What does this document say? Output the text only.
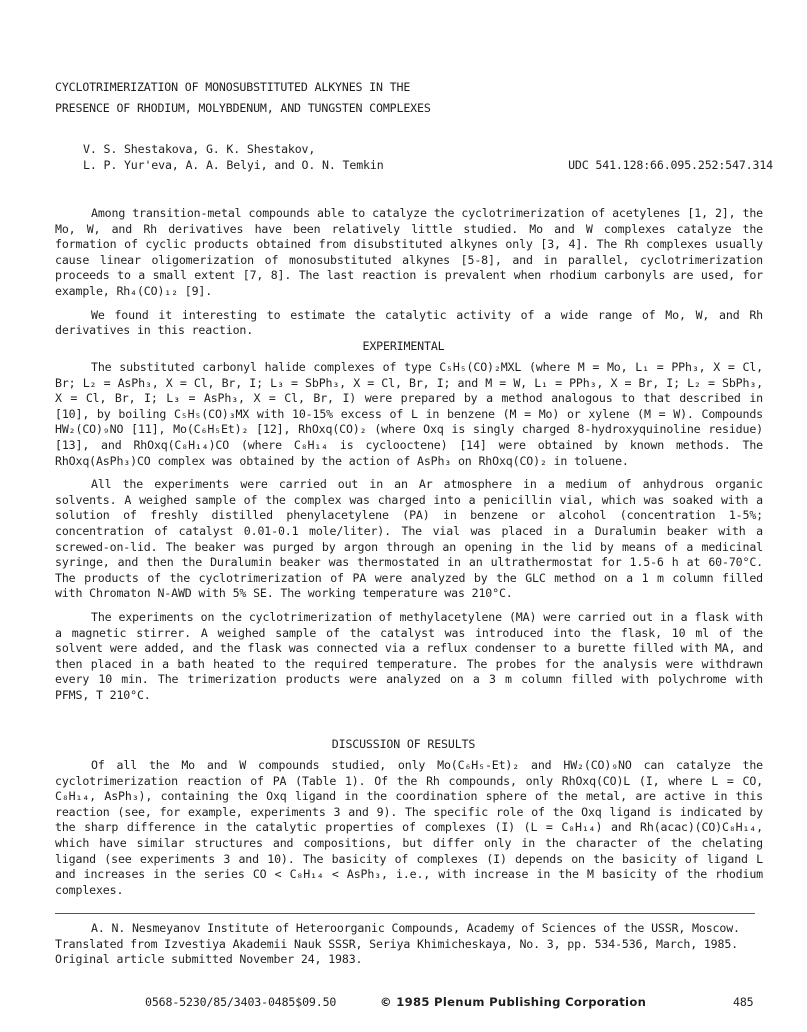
CYCLOTRIMERIZATION OF MONOSUBSTITUTED ALKYNES IN THE
PRESENCE OF RHODIUM, MOLYBDENUM, AND TUNGSTEN COMPLEXES
V. S. Shestakova, G. K. Shestakov,
L. P. Yur'eva, A. A. Belyi, and O. N. Temkin	UDC 541.128:66.095.252:547.314

Among transition-metal compounds able to catalyze the cyclotrimerization of acetylenes [1, 2], the Mo, W, and Rh derivatives have been relatively little studied. Mo and W complexes catalyze the formation of cyclic products obtained from disubstituted alkynes only [3, 4]. The Rh complexes usually cause linear oligomerization of monosubstituted alkynes [5-8], and in parallel, cyclotrimerization proceeds to a small extent [7, 8]. The last reaction is prevalent when rhodium carbonyls are used, for example, Rh₄(CO)₁₂ [9].

We found it interesting to estimate the catalytic activity of a wide range of Mo, W, and Rh derivatives in this reaction.

EXPERIMENTAL

The substituted carbonyl halide complexes of type C₅H₅(CO)₂MXL (where M = Mo, L₁ = PPh₃, X = Cl, Br; L₂ = AsPh₃, X = Cl, Br, I; L₃ = SbPh₃, X = Cl, Br, I; and M = W, L₁ = PPh₃, X = Br, I; L₂ = SbPh₃, X = Cl, Br, I; L₃ = AsPh₃, X = Cl, Br, I) were prepared by a method analogous to that described in [10], by boiling C₅H₅(CO)₃MX with 10-15% excess of L in benzene (M = Mo) or xylene (M = W). Compounds HW₂(CO)₉NO [11], Mo(C₆H₅Et)₂ [12], RhOxq(CO)₂ (where Oxq is singly charged 8-hydroxyquinoline residue) [13], and RhOxq(C₈H₁₄)CO (where C₈H₁₄ is cyclooctene) [14] were obtained by known methods. The RhOxq(AsPh₃)CO complex was obtained by the action of AsPh₃ on RhOxq(CO)₂ in toluene.

All the experiments were carried out in an Ar atmosphere in a medium of anhydrous organic solvents. A weighed sample of the complex was charged into a penicillin vial, which was soaked with a solution of freshly distilled phenylacetylene (PA) in benzene or alcohol (concentration 1-5%; concentration of catalyst 0.01-0.1 mole/liter). The vial was placed in a Duralumin beaker with a screwed-on-lid. The beaker was purged by argon through an opening in the lid by means of a medicinal syringe, and then the Duralumin beaker was thermostated in an ultrathermostat for 1.5-6 h at 60-70°C. The products of the cyclotrimerization of PA were analyzed by the GLC method on a 1 m column filled with Chromaton N-AWD with 5% SE. The working temperature was 210°C.

The experiments on the cyclotrimerization of methylacetylene (MA) were carried out in a flask with a magnetic stirrer. A weighed sample of the catalyst was introduced into the flask, 10 ml of the solvent were added, and the flask was connected via a reflux condenser to a burette filled with MA, and then placed in a bath heated to the required temperature. The probes for the analysis were withdrawn every 10 min. The trimerization products were analyzed on a 3 m column filled with polychrome with PFMS, T 210°C.

DISCUSSION OF RESULTS

Of all the Mo and W compounds studied, only Mo(C₆H₅-Et)₂ and HW₂(CO)₉NO can catalyze the cyclotrimerization reaction of PA (Table 1). Of the Rh compounds, only RhOxq(CO)L (I, where L = CO, C₈H₁₄, AsPh₃), containing the Oxq ligand in the coordination sphere of the metal, are active in this reaction (see, for example, experiments 3 and 9). The specific role of the Oxq ligand is indicated by the sharp difference in the catalytic properties of complexes (I) (L = C₈H₁₄) and Rh(acac)(CO)C₈H₁₄, which have similar structures and compositions, but differ only in the character of the chelating ligand (see experiments 3 and 10). The basicity of complexes (I) depends on the basicity of ligand L and increases in the series CO < C₈H₁₄ < AsPh₃, i.e., with increase in the M basicity of the rhodium complexes.

A. N. Nesmeyanov Institute of Heteroorganic Compounds, Academy of Sciences of the USSR, Moscow. Translated from Izvestiya Akademii Nauk SSSR, Seriya Khimicheskaya, No. 3, pp. 534-536, March, 1985. Original article submitted November 24, 1983.

0568-5230/85/3403-0485$09.50	© 1985 Plenum Publishing Corporation	485
